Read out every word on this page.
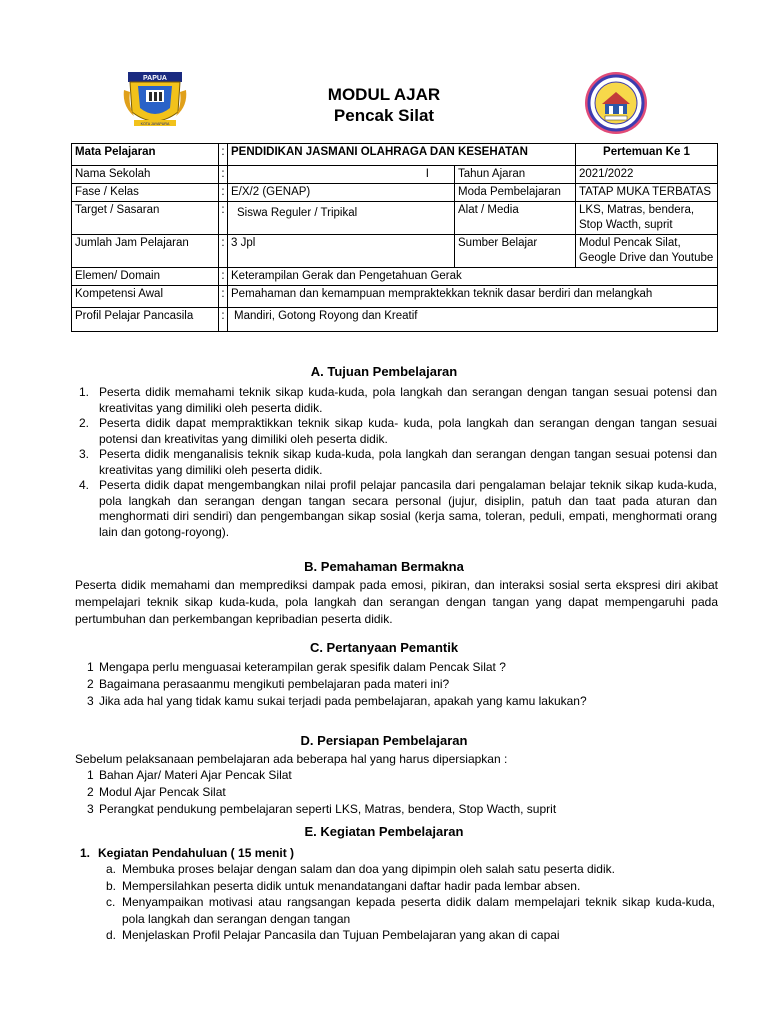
PAPUA
KOTA JAYAPURA
MODUL AJAR
Pencak Silat
Mata Pelajaran	:	PENDIDIKAN JASMANI OLAHRAGA DAN KESEHATAN		Pertemuan Ke 1
Nama Sekolah	:	I	Tahun Ajaran	2021/2022
Fase / Kelas	:	E/X/2 (GENAP)	Moda Pembelajaran	TATAP MUKA TERBATAS
Target / Sasaran	:	Siswa Reguler / Tripikal	Alat / Media	LKS, Matras, bendera, Stop Wacth, suprit
Jumlah Jam Pelajaran	:	3 Jpl	Sumber Belajar	Modul Pencak Silat, Geogle Drive dan Youtube
Elemen/ Domain	:	Keterampilan Gerak dan Pengetahuan Gerak		
Kompetensi Awal	:	Pemahaman dan kemampuan mempraktekkan teknik dasar berdiri dan melangkah		
Profil Pelajar Pancasila	:	Mandiri, Gotong Royong dan Kreatif		
A. Tujuan Pembelajaran
1. Peserta didik memahami teknik sikap kuda-kuda, pola langkah dan serangan dengan tangan sesuai potensi dan kreativitas yang dimiliki oleh peserta didik.
2. Peserta didik dapat mempraktikkan teknik sikap kuda- kuda, pola langkah dan serangan dengan tangan sesuai potensi dan kreativitas yang dimiliki oleh peserta didik.
3. Peserta didik menganalisis teknik sikap kuda-kuda, pola langkah dan serangan dengan tangan sesuai potensi dan kreativitas yang dimiliki oleh peserta didik.
4. Peserta didik dapat mengembangkan nilai profil pelajar pancasila dari pengalaman belajar teknik sikap kuda-kuda, pola langkah dan serangan dengan tangan secara personal (jujur, disiplin, patuh dan taat pada aturan dan menghormati diri sendiri) dan pengembangan sikap sosial (kerja sama, toleran, peduli, empati, menghormati orang lain dan gotong-royong).
B. Pemahaman Bermakna
Peserta didik memahami dan memprediksi dampak pada emosi, pikiran, dan interaksi sosial serta ekspresi diri akibat mempelajari teknik sikap kuda-kuda, pola langkah dan serangan dengan tangan yang dapat mempengaruhi pada pertumbuhan dan perkembangan kepribadian peserta didik.
C. Pertanyaan Pemantik
1 Mengapa perlu menguasai keterampilan gerak spesifik dalam Pencak Silat ?
2 Bagaimana perasaanmu mengikuti pembelajaran pada materi ini?
3 Jika ada hal yang tidak kamu sukai terjadi pada pembelajaran, apakah yang kamu lakukan?
D. Persiapan Pembelajaran
Sebelum pelaksanaan pembelajaran ada beberapa hal yang harus dipersiapkan :
1 Bahan Ajar/ Materi Ajar Pencak Silat
2 Modul Ajar Pencak Silat
3 Perangkat pendukung pembelajaran seperti LKS, Matras, bendera, Stop Wacth, suprit
E. Kegiatan Pembelajaran
1. Kegiatan Pendahuluan ( 15 menit )
a. Membuka proses belajar dengan salam dan doa yang dipimpin oleh salah satu peserta didik.
b. Mempersilahkan peserta didik untuk menandatangani daftar hadir pada lembar absen.
c. Menyampaikan motivasi atau rangsangan kepada peserta didik dalam mempelajari teknik sikap kuda-kuda, pola langkah dan serangan dengan tangan
d. Menjelaskan Profil Pelajar Pancasila dan Tujuan Pembelajaran yang akan di capai
